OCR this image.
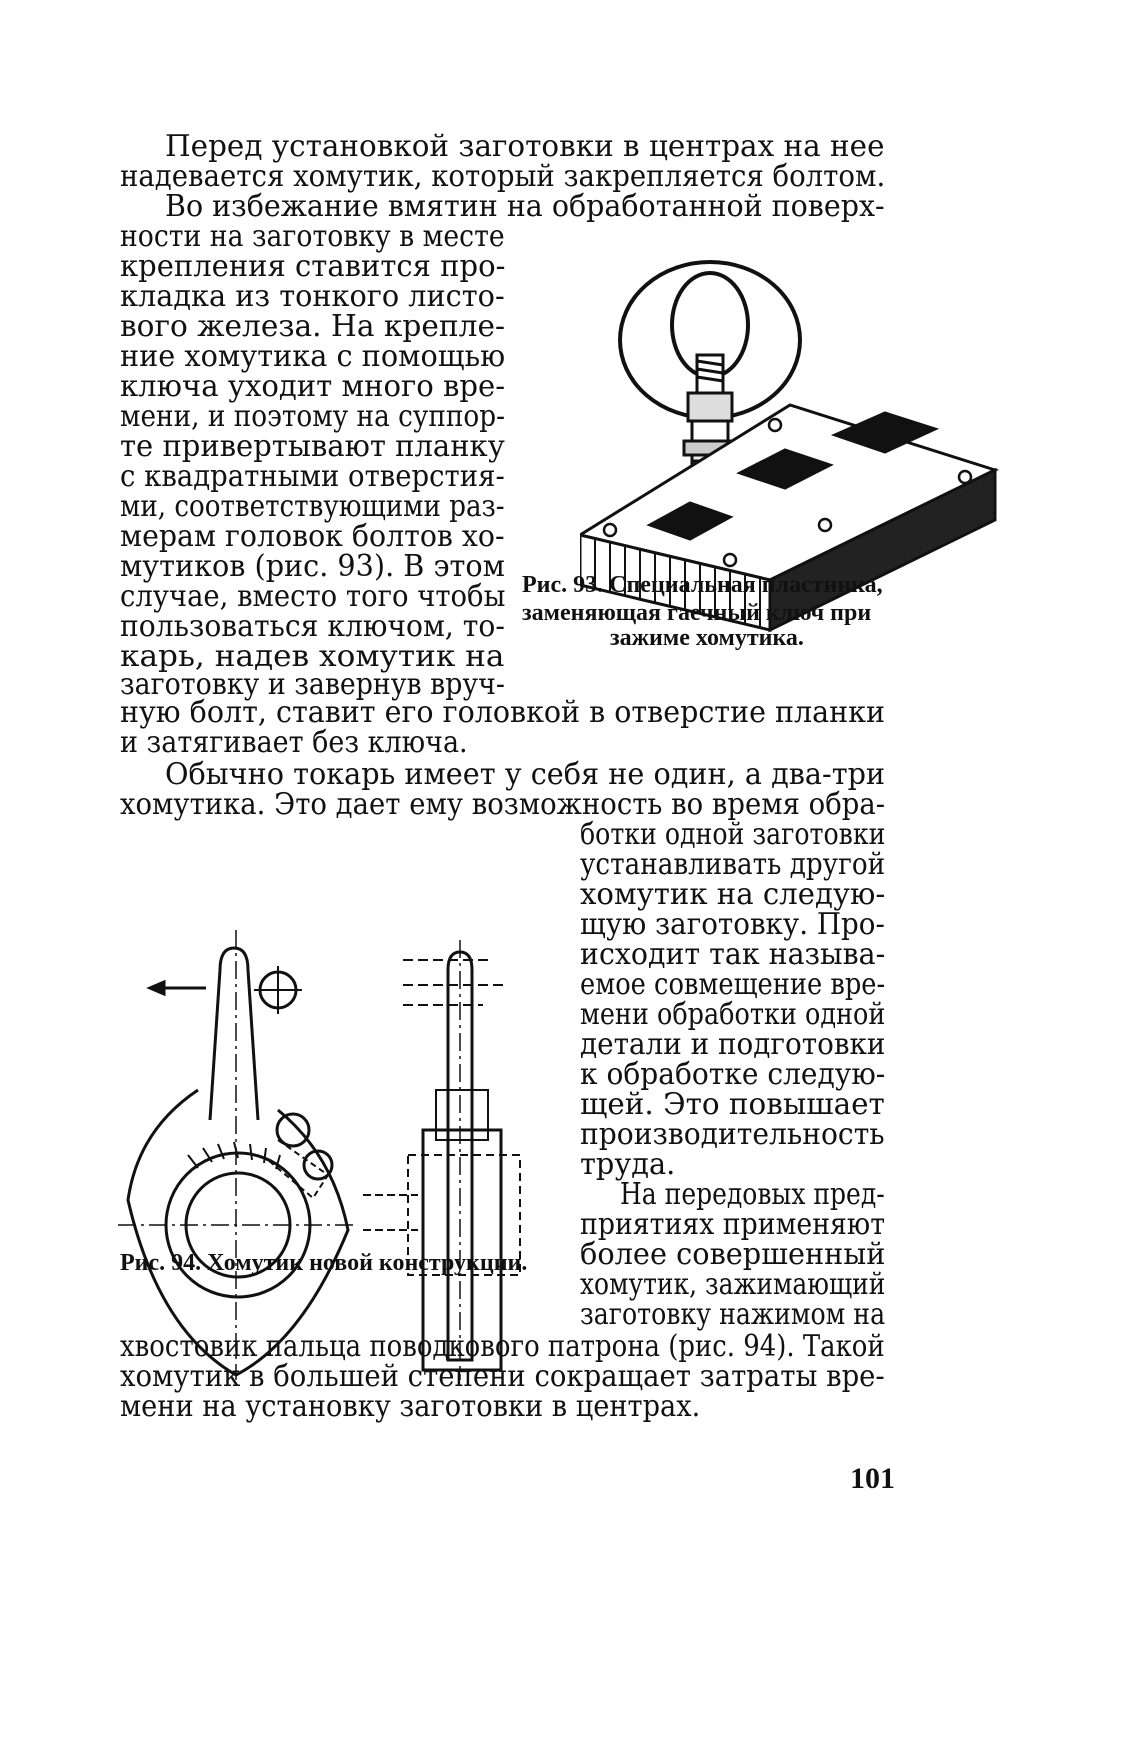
Перед установкой заготовки в центрах на нее
надевается хомутик, который закрепляется болтом.
Во избежание вмятин на обработанной поверх-
ности на заготовку в месте
крепления ставится про-
кладка из тонкого листо-
вого железа. На крепле-
ние хомутика с помощью
ключа уходит много вре-
мени, и поэтому на суппор-
те привертывают планку
с квадратными отверстия-
ми, соответствующими раз-
мерам головок болтов хо-
мутиков (рис. 93). В этом
случае, вместо того чтобы
пользоваться ключом, то-
карь, надев хомутик на
заготовку и завернув вруч-
ную болт, ставит его головкой в отверстие планки
и затягивает без ключа.
Обычно токарь имеет у себя не один, а два-три
хомутика. Это дает ему возможность во время обра-
ботки одной заготовки
устанавливать другой
хомутик на следую-
щую заготовку. Про-
исходит так называ-
емое совмещение вре-
мени обработки одной
детали и подготовки
к обработке следую-
щей. Это повышает
производительность
труда.
На передовых пред-
приятиях применяют
более совершенный
хомутик, зажимающий
заготовку нажимом на
хвостовик пальца поводкового патрона (рис. 94). Такой
хомутик в большей степени сокращает затраты вре-
мени на установку заготовки в центрах.
Рис. 93. Специальная пластинка,
заменяющая гаечный ключ при
зажиме хомутика.
Рис. 94. Хомутик новой конструкции.
101
